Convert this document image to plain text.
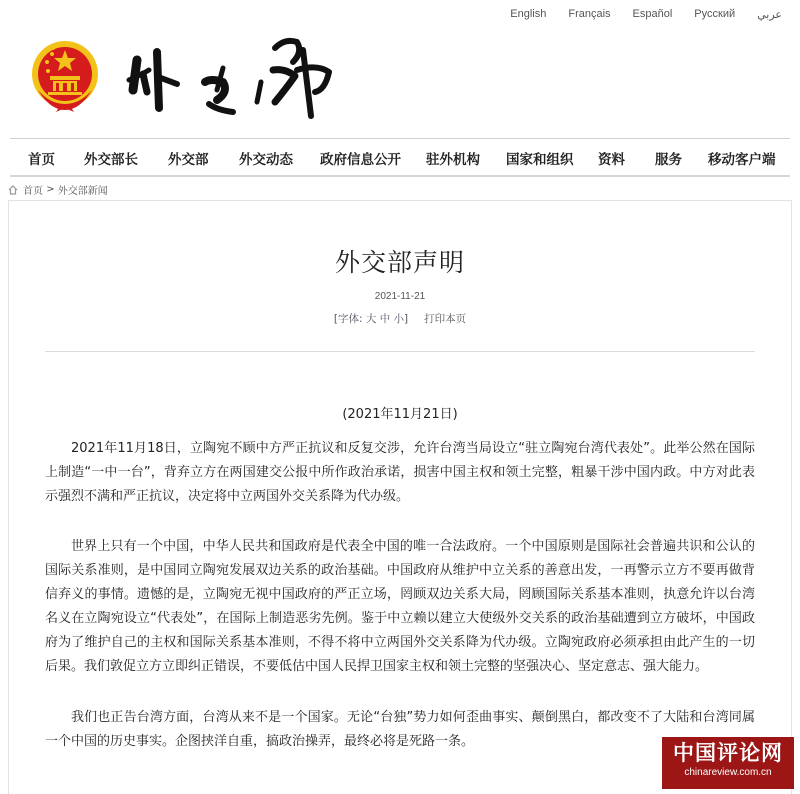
English Français Español Русский عربي
首页 外交部长 外交部 外交动态 政府信息公开 驻外机构 国家和组织 资料 服务 移动客户端
首页
>
外交部新闻
外交部声明
2021-11-21
[字体: 大 中 小] 打印本页
(2021年11月21日)

2021年11月18日，立陶宛不顾中方严正抗议和反复交涉，允许台湾当局设立“驻立陶宛台湾代表处”。此举公然在国际上制造“一中一台”，背弃立方在两国建交公报中所作政治承诺，损害中国主权和领土完整，粗暴干涉中国内政。中方对此表示强烈不满和严正抗议，决定将中立两国外交关系降为代办级。

世界上只有一个中国，中华人民共和国政府是代表全中国的唯一合法政府。一个中国原则是国际社会普遍共识和公认的国际关系准则，是中国同立陶宛发展双边关系的政治基础。中国政府从维护中立关系的善意出发，一再警示立方不要再做背信弃义的事情。遗憾的是，立陶宛无视中国政府的严正立场，罔顾双边关系大局，罔顾国际关系基本准则，执意允许以台湾名义在立陶宛设立“代表处”，在国际上制造恶劣先例。鉴于中立赖以建立大使级外交关系的政治基础遭到立方破坏，中国政府为了维护自己的主权和国际关系基本准则，不得不将中立两国外交关系降为代办级。立陶宛政府必须承担由此产生的一切后果。我们敦促立方立即纠正错误，不要低估中国人民捍卫国家主权和领土完整的坚强决心、坚定意志、强大能力。

我们也正告台湾方面，台湾从来不是一个国家。无论“台独”势力如何歪曲事实、颠倒黑白，都改变不了大陆和台湾同属一个中国的历史事实。企图挟洋自重，搞政治操弄，最终必将是死路一条。	中国评论网
chinareview.com.cn
